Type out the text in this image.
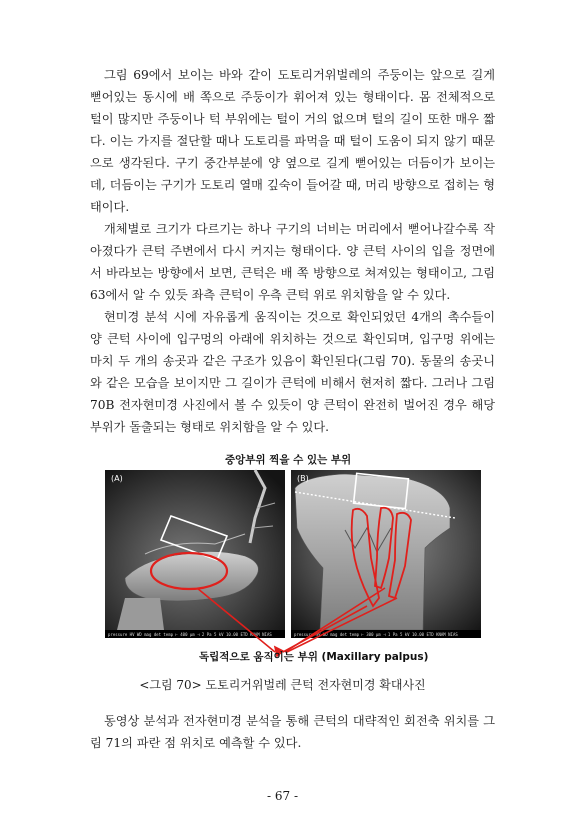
그림 69에서 보이는 바와 같이 도토리거위벌레의 주둥이는 앞으로 길게 뻗어있는 동시에 배 쪽으로 주둥이가 휘어져 있는 형태이다. 몸 전체적으로 털이 많지만 주둥이나 턱 부위에는 털이 거의 없으며 털의 길이 또한 매우 짧다. 이는 가지를 절단할 때나 도토리를 파먹을 때 털이 도움이 되지 않기 때문으로 생각된다. 구기 중간부분에 양 옆으로 길게 뻗어있는 더듬이가 보이는데, 더듬이는 구기가 도토리 열매 깊숙이 들어갈 때, 머리 방향으로 접히는 형태이다.

개체별로 크기가 다르기는 하나 구기의 너비는 머리에서 뻗어나갈수록 작아졌다가 큰턱 주변에서 다시 커지는 형태이다. 양 큰턱 사이의 입을 정면에서 바라보는 방향에서 보면, 큰턱은 배 쪽 방향으로 쳐져있는 형태이고, 그림 63에서 알 수 있듯 좌측 큰턱이 우측 큰턱 위로 위치함을 알 수 있다.

현미경 분석 시에 자유롭게 움직이는 것으로 확인되었던 4개의 촉수들이 양 큰턱 사이에 입구멍의 아래에 위치하는 것으로 확인되며, 입구멍 위에는 마치 두 개의 송곳과 같은 구조가 있음이 확인된다(그림 70). 동물의 송곳니와 같은 모습을 보이지만 그 길이가 큰턱에 비해서 현저히 짧다. 그러나 그림 70B 전자현미경 사진에서 볼 수 있듯이 양 큰턱이 완전히 벌어진 경우 해당 부위가 돌출되는 형태로 위치함을 알 수 있다.

pressure HV WD mag det temp ⊢ 400 μm ⊣ 2 Pa 5 kV 10.00 ETD KNAM NIAS
(A)
pressure HV WD mag det temp ⊢ 300 μm ⊣ 1 Pa 5 kV 10.00 ETD KNAM NIAS
(B)
중앙부위 찍을 수 있는 부위
독립적으로 움직이는 부위 (Maxillary palpus)

<그림 70> 도토리거위벌레 큰턱 전자현미경 확대사진

동영상 분석과 전자현미경 분석을 통해 큰턱의 대략적인 회전축 위치를 그림 71의 파란 점 위치로 예측할 수 있다.

- 67 -
